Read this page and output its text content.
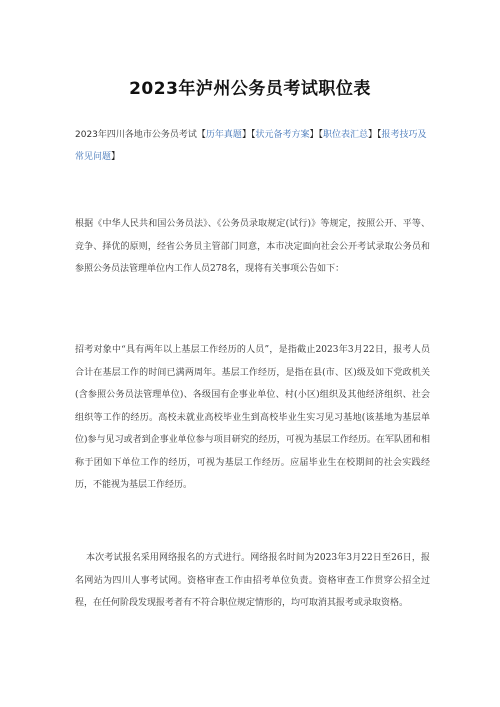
2023年泸州公务员考试职位表
2023年四川各地市公务员考试【历年真题】【状元备考方案】【职位表汇总】【报考技巧及常见问题】

根据《中华人民共和国公务员法》、《公务员录取规定(试行)》等规定，按照公开、平等、竞争、择优的原则，经省公务员主管部门同意，本市决定面向社会公开考试录取公务员和参照公务员法管理单位内工作人员278名，现将有关事项公告如下：

招考对象中“具有两年以上基层工作经历的人员”，是指截止2023年3月22日，报考人员合计在基层工作的时间已满两周年。基层工作经历，是指在县(市、区)级及如下党政机关(含参照公务员法管理单位)、各级国有企事业单位、村(小区)组织及其他经济组织、社会组织等工作的经历。高校未就业高校毕业生到高校毕业生实习见习基地(该基地为基层单位)参与见习或者到企事业单位参与项目研究的经历，可视为基层工作经历。在军队团和相称于团如下单位工作的经历，可视为基层工作经历。应届毕业生在校期间的社会实践经历，不能视为基层工作经历。

本次考试报名采用网络报名的方式进行。网络报名时间为2023年3月22日至26日，报名网站为四川人事考试网。资格审查工作由招考单位负责。资格审查工作贯穿公招全过程，在任何阶段发现报考者有不符合职位规定情形的，均可取消其报考或录取资格。
